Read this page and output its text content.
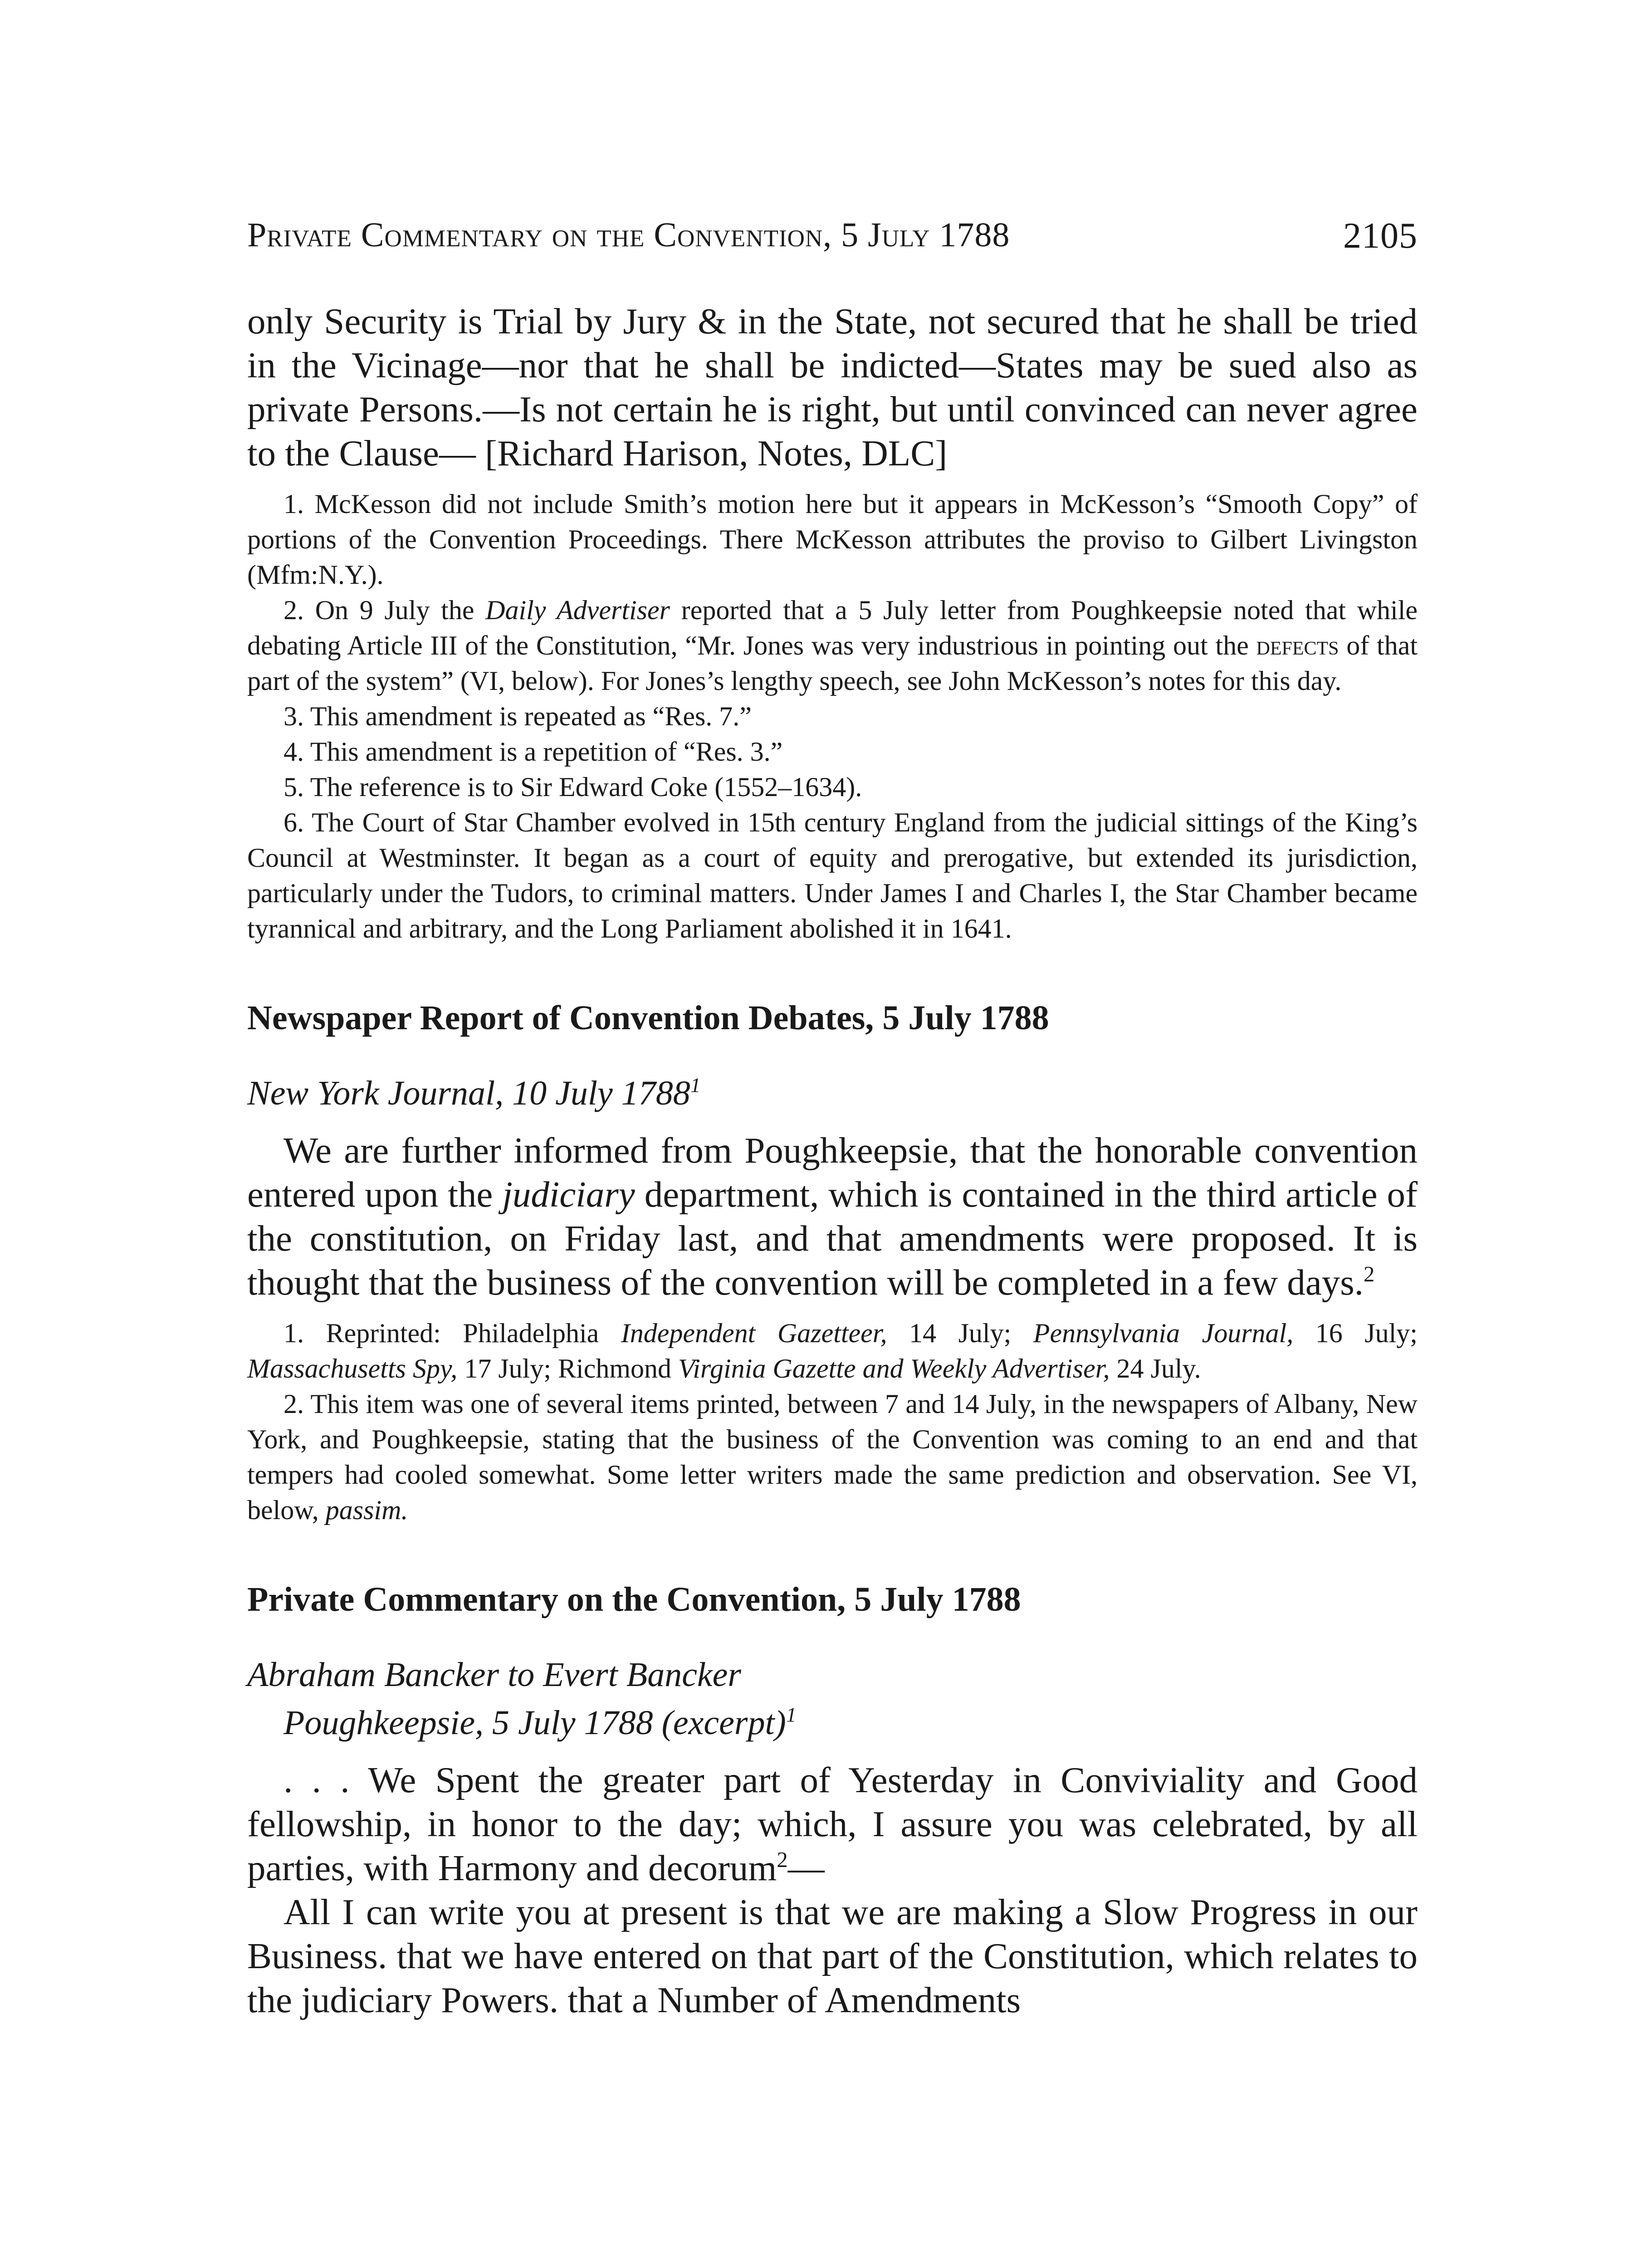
Private Commentary on the Convention, 5 July 1788	2105

only Security is Trial by Jury & in the State, not secured that he shall be tried in the Vicinage—nor that he shall be indicted—States may be sued also as private Persons.—Is not certain he is right, but until convinced can never agree to the Clause— [Richard Harison, Notes, DLC]

1. McKesson did not include Smith’s motion here but it appears in McKesson’s “Smooth Copy” of portions of the Convention Proceedings. There McKesson attributes the proviso to Gilbert Livingston (Mfm:N.Y.).

2. On 9 July the Daily Advertiser reported that a 5 July letter from Poughkeepsie noted that while debating Article III of the Constitution, “Mr. Jones was very industrious in pointing out the defects of that part of the system” (VI, below). For Jones’s lengthy speech, see John McKesson’s notes for this day.

3. This amendment is repeated as “Res. 7.”

4. This amendment is a repetition of “Res. 3.”

5. The reference is to Sir Edward Coke (1552–1634).

6. The Court of Star Chamber evolved in 15th century England from the judicial sittings of the King’s Council at Westminster. It began as a court of equity and prerogative, but extended its jurisdiction, particularly under the Tudors, to criminal matters. Under James I and Charles I, the Star Chamber became tyrannical and arbitrary, and the Long Parliament abolished it in 1641.

Newspaper Report of Convention Debates, 5 July 1788

New York Journal, 10 July 1788$^1$

We are further informed from Poughkeepsie, that the honorable convention entered upon the judiciary department, which is contained in the third article of the constitution, on Friday last, and that amendments were proposed. It is thought that the business of the convention will be completed in a few days.$^2$

1. Reprinted: Philadelphia Independent Gazetteer, 14 July; Pennsylvania Journal, 16 July; Massachusetts Spy, 17 July; Richmond Virginia Gazette and Weekly Advertiser, 24 July.

2. This item was one of several items printed, between 7 and 14 July, in the newspapers of Albany, New York, and Poughkeepsie, stating that the business of the Convention was coming to an end and that tempers had cooled somewhat. Some letter writers made the same prediction and observation. See VI, below, passim.

Private Commentary on the Convention, 5 July 1788

Abraham Bancker to Evert Bancker

Poughkeepsie, 5 July 1788 (excerpt)$^1$

. . . We Spent the greater part of Yesterday in Conviviality and Good fellowship, in honor to the day; which, I assure you was celebrated, by all parties, with Harmony and decorum$^2$—

All I can write you at present is that we are making a Slow Progress in our Business. that we have entered on that part of the Constitution, which relates to the judiciary Powers. that a Number of Amendments
